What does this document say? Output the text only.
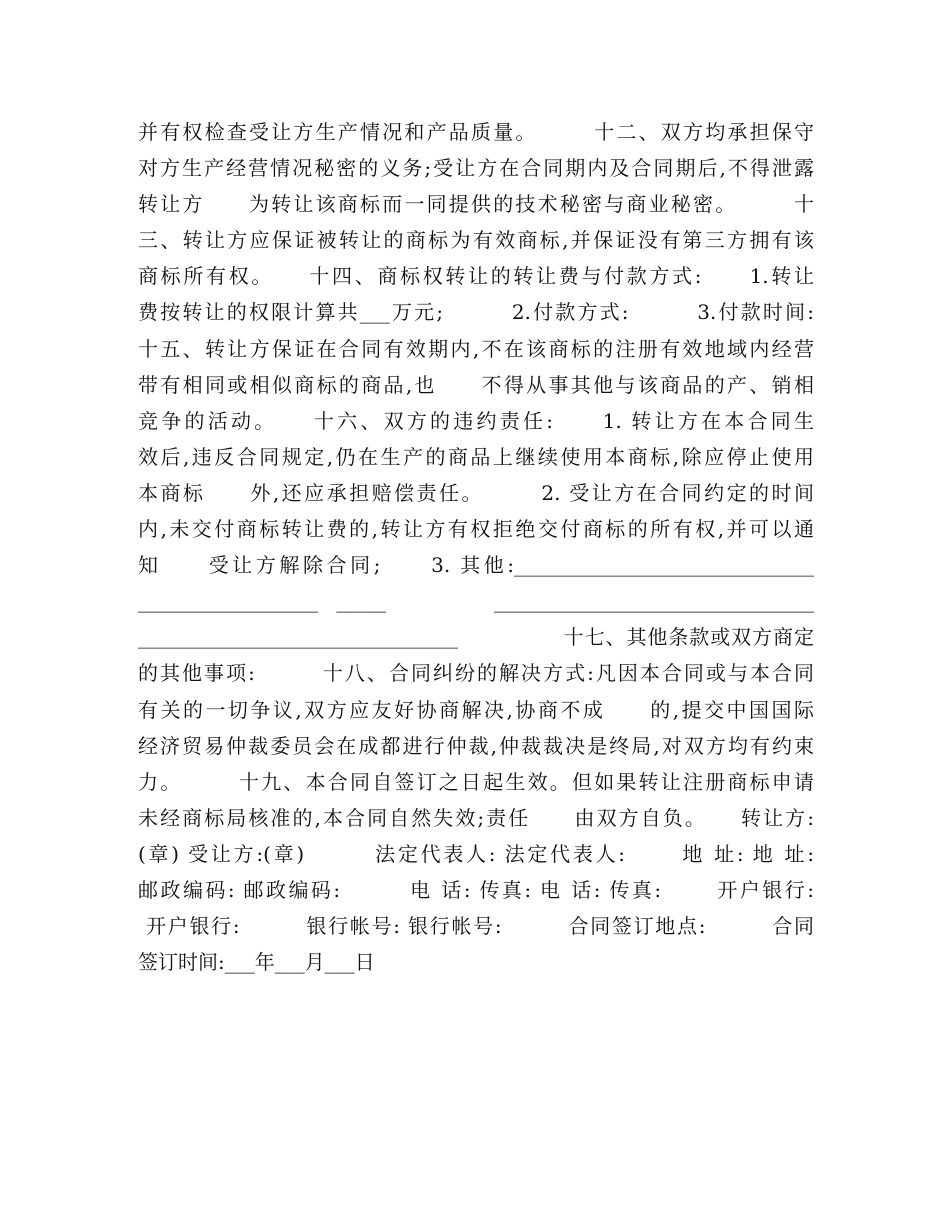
并有权检查受让方生产情况和产品质量。　　　十二、双方均承担保守
对方生产经营情况秘密的义务;受让方在合同期内及合同期后,不得泄露
转让方　　为转让该商标而一同提供的技术秘密与商业秘密。　　　十
三、转让方应保证被转让的商标为有效商标,并保证没有第三方拥有该
商标所有权。　　十四、商标权转让的转让费与付款方式:　　1.转让
费按转让的权限计算共___万元;　　　2.付款方式:　　　3.付款时间:
十五、转让方保证在合同有效期内,不在该商标的注册有效地域内经营
带有相同或相似商标的商品,也　　不得从事其他与该商品的产、销相
竞争的活动。　　十六、双方的违约责任:　　1. 转让方在本合同生
效后,违反合同规定,仍在生产的商品上继续使用本商标,除应停止使用
本商标　　外,还应承担赔偿责任。　　　2. 受让方在合同约定的时间
内,未交付商标转让费的,转让方有权拒绝交付商标的所有权,并可以通
知　　受让方解除合同;　　3. 其他:______________________________
__________________ _____　　　________________________________
________________________________　　　　　十七、其他条款或双方商定
的其他事项:　　　十八、合同纠纷的解决方式:凡因本合同或与本合同
有关的一切争议,双方应友好协商解决,协商不成　　的,提交中国国际
经济贸易仲裁委员会在成都进行仲裁,仲裁裁决是终局,对双方均有约束
力。　　　十九、本合同自签订之日起生效。但如果转让注册商标申请
未经商标局核准的,本合同自然失效;责任　　由双方自负。　　转让方:
(章) 受让方:(章)　　　法定代表人: 法定代表人:　　 地 址: 地 址:
邮政编码: 邮政编码:　　　电 话: 传真: 电 话: 传真:　　 开户银行:
开户银行:　　　银行帐号: 银行帐号:　　　合同签订地点:　　　合同
签订时间:___年___月___日
